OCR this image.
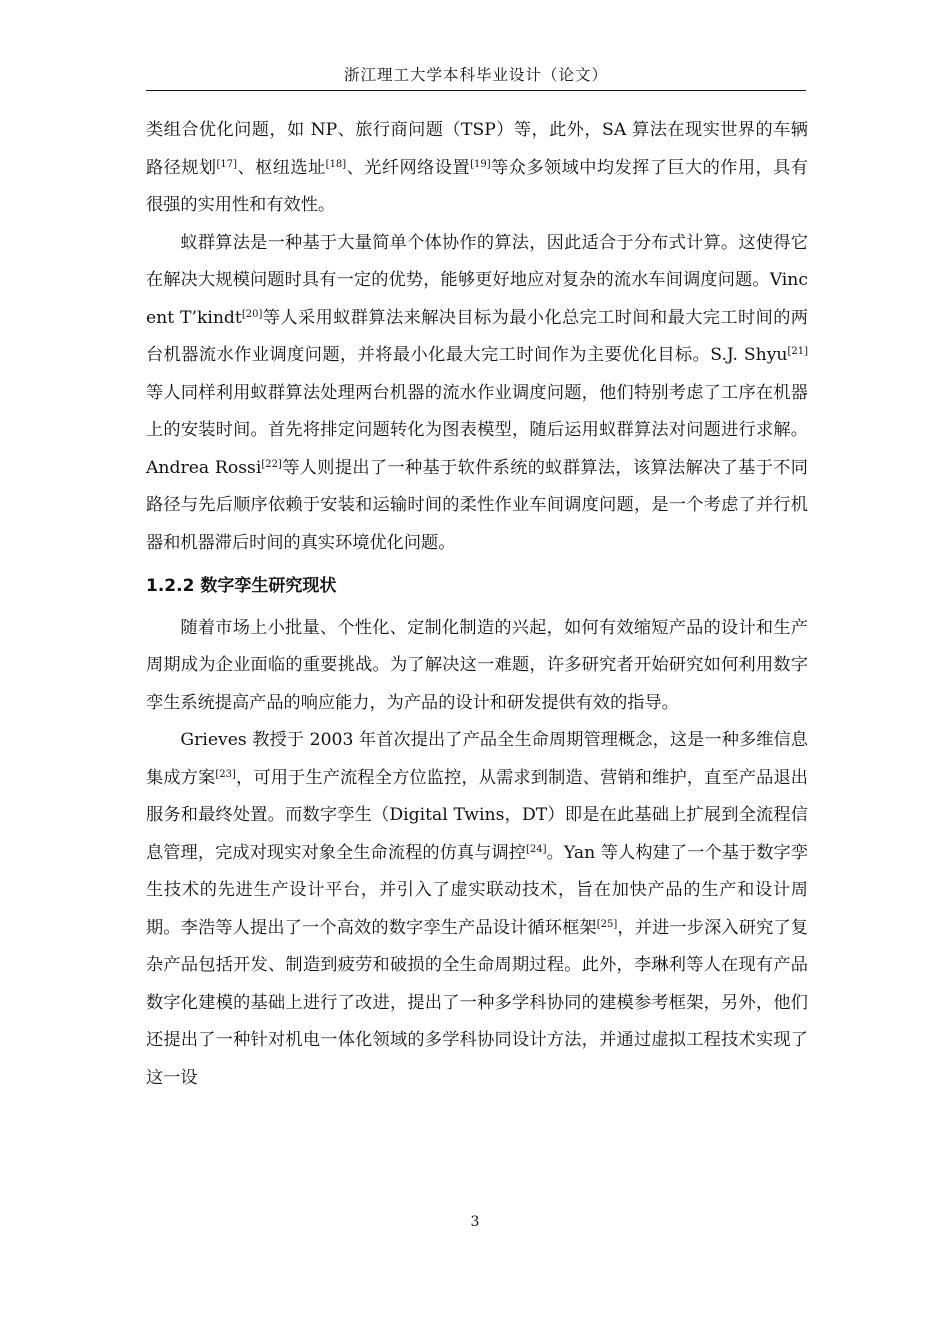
浙江理工大学本科毕业设计（论文）

类组合优化问题，如 NP、旅行商问题（TSP）等，此外，SA 算法在现实世界的车辆路径规划[17]、枢纽选址[18]、光纤网络设置[19]等众多领域中均发挥了巨大的作用，具有很强的实用性和有效性。

蚁群算法是一种基于大量简单个体协作的算法，因此适合于分布式计算。这使得它在解决大规模问题时具有一定的优势，能够更好地应对复杂的流水车间调度问题。Vincent T’kindt[20]等人采用蚁群算法来解决目标为最小化总完工时间和最大完工时间的两台机器流水作业调度问题，并将最小化最大完工时间作为主要优化目标。S.J. Shyu[21]等人同样利用蚁群算法处理两台机器的流水作业调度问题，他们特别考虑了工序在机器上的安装时间。首先将排定问题转化为图表模型，随后运用蚁群算法对问题进行求解。Andrea Rossi[22]等人则提出了一种基于软件系统的蚁群算法，该算法解决了基于不同路径与先后顺序依赖于安装和运输时间的柔性作业车间调度问题，是一个考虑了并行机器和机器滞后时间的真实环境优化问题。

1.2.2 数字孪生研究现状

随着市场上小批量、个性化、定制化制造的兴起，如何有效缩短产品的设计和生产周期成为企业面临的重要挑战。为了解决这一难题，许多研究者开始研究如何利用数字孪生系统提高产品的响应能力，为产品的设计和研发提供有效的指导。

Grieves 教授于 2003 年首次提出了产品全生命周期管理概念，这是一种多维信息集成方案[23]，可用于生产流程全方位监控，从需求到制造、营销和维护，直至产品退出服务和最终处置。而数字孪生（Digital Twins，DT）即是在此基础上扩展到全流程信息管理，完成对现实对象全生命流程的仿真与调控[24]。Yan 等人构建了一个基于数字孪生技术的先进生产设计平台，并引入了虚实联动技术，旨在加快产品的生产和设计周期。李浩等人提出了一个高效的数字孪生产品设计循环框架[25]，并进一步深入研究了复杂产品包括开发、制造到疲劳和破损的全生命周期过程。此外，李琳利等人在现有产品数字化建模的基础上进行了改进，提出了一种多学科协同的建模参考框架，另外，他们还提出了一种针对机电一体化领域的多学科协同设计方法，并通过虚拟工程技术实现了这一设

3
